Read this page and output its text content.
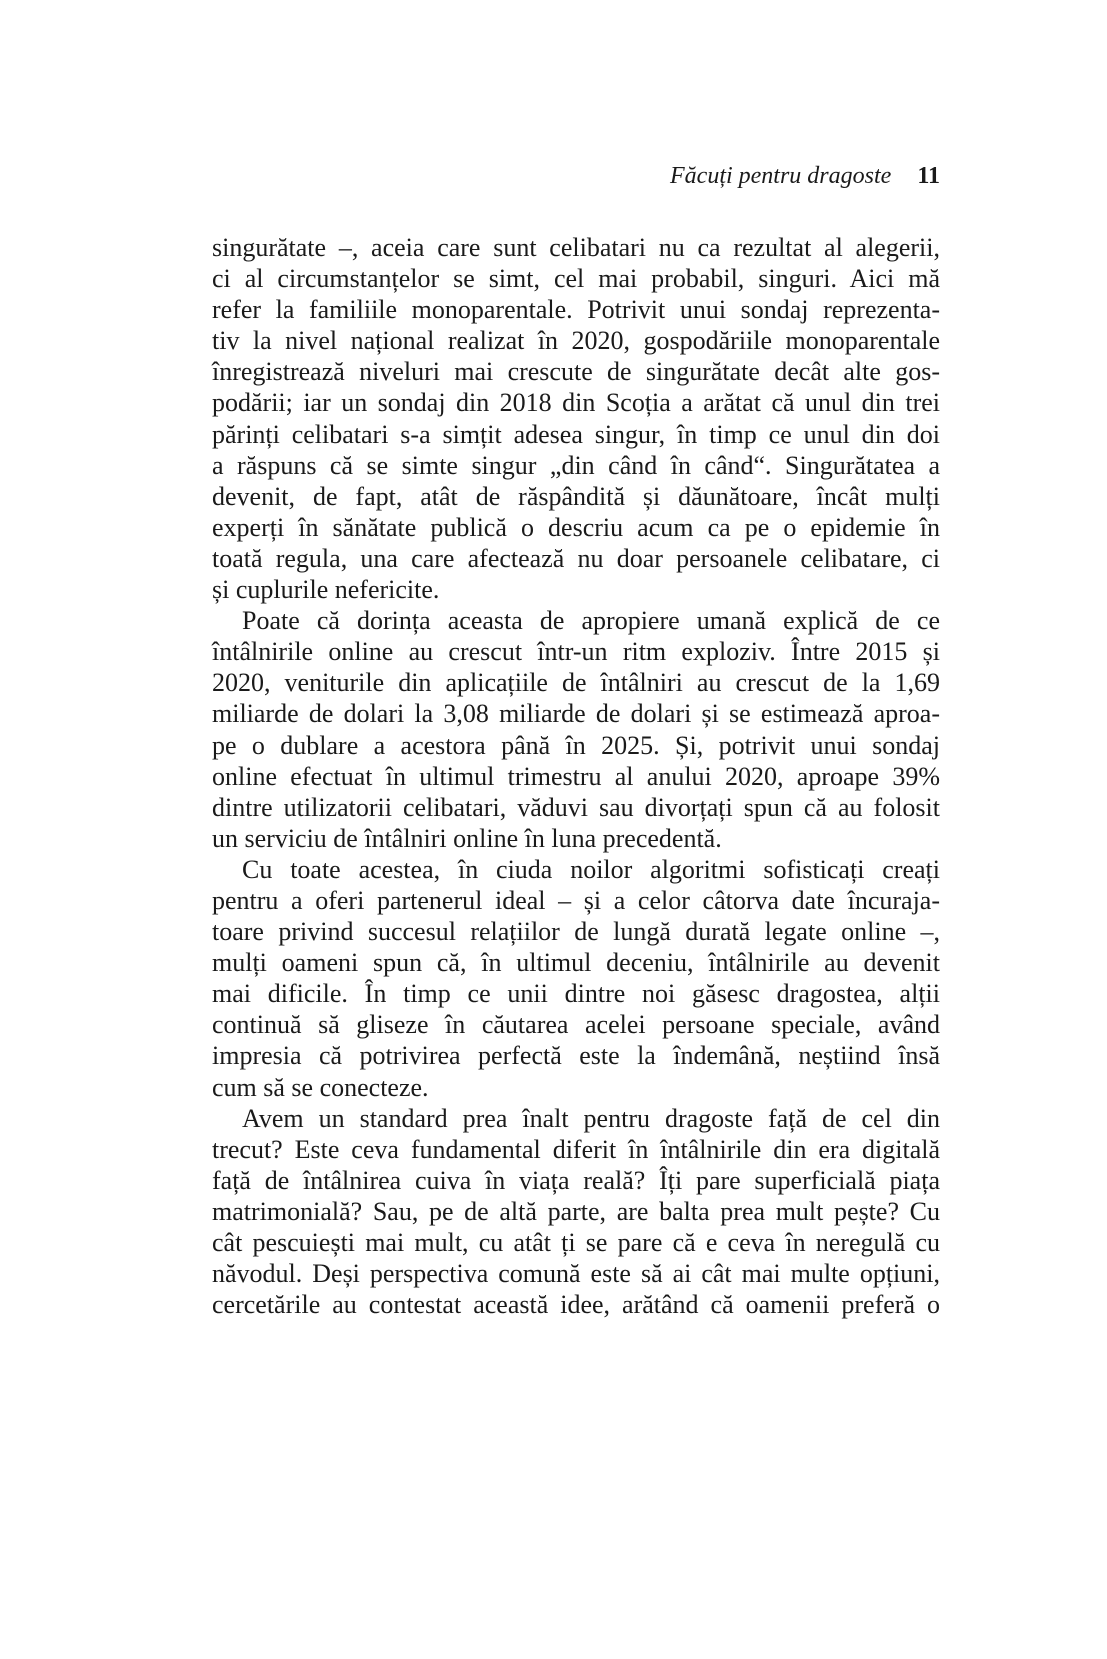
Făcuți pentru dragoste 11
singurătate –, aceia care sunt celibatari nu ca rezultat al alegerii,
ci al circumstanțelor se simt, cel mai probabil, singuri. Aici mă
refer la familiile monoparentale. Potrivit unui sondaj reprezenta-
tiv la nivel național realizat în 2020, gospodăriile monoparentale
înregistrează niveluri mai crescute de singurătate decât alte gos-
podării; iar un sondaj din 2018 din Scoția a arătat că unul din trei
părinți celibatari s-a simțit adesea singur, în timp ce unul din doi
a răspuns că se simte singur „din când în când“. Singurătatea a
devenit, de fapt, atât de răspândită și dăunătoare, încât mulți
experți în sănătate publică o descriu acum ca pe o epidemie în
toată regula, una care afectează nu doar persoanele celibatare, ci
și cuplurile nefericite.
Poate că dorința aceasta de apropiere umană explică de ce
întâlnirile online au crescut într-un ritm exploziv. Între 2015 și
2020, veniturile din aplicațiile de întâlniri au crescut de la 1,69
miliarde de dolari la 3,08 miliarde de dolari și se estimează aproa-
pe o dublare a acestora până în 2025. Și, potrivit unui sondaj
online efectuat în ultimul trimestru al anului 2020, aproape 39%
dintre utilizatorii celibatari, văduvi sau divorțați spun că au folosit
un serviciu de întâlniri online în luna precedentă.
Cu toate acestea, în ciuda noilor algoritmi sofisticați creați
pentru a oferi partenerul ideal – și a celor câtorva date încuraja-
toare privind succesul relațiilor de lungă durată legate online –,
mulți oameni spun că, în ultimul deceniu, întâlnirile au devenit
mai dificile. În timp ce unii dintre noi găsesc dragostea, alții
continuă să gliseze în căutarea acelei persoane speciale, având
impresia că potrivirea perfectă este la îndemână, neștiind însă
cum să se conecteze.
Avem un standard prea înalt pentru dragoste față de cel din
trecut? Este ceva fundamental diferit în întâlnirile din era digitală
față de întâlnirea cuiva în viața reală? Îți pare superficială piața
matrimonială? Sau, pe de altă parte, are balta prea mult pește? Cu
cât pescuiești mai mult, cu atât ți se pare că e ceva în neregulă cu
năvodul. Deși perspectiva comună este să ai cât mai multe opțiuni,
cercetările au contestat această idee, arătând că oamenii preferă o
